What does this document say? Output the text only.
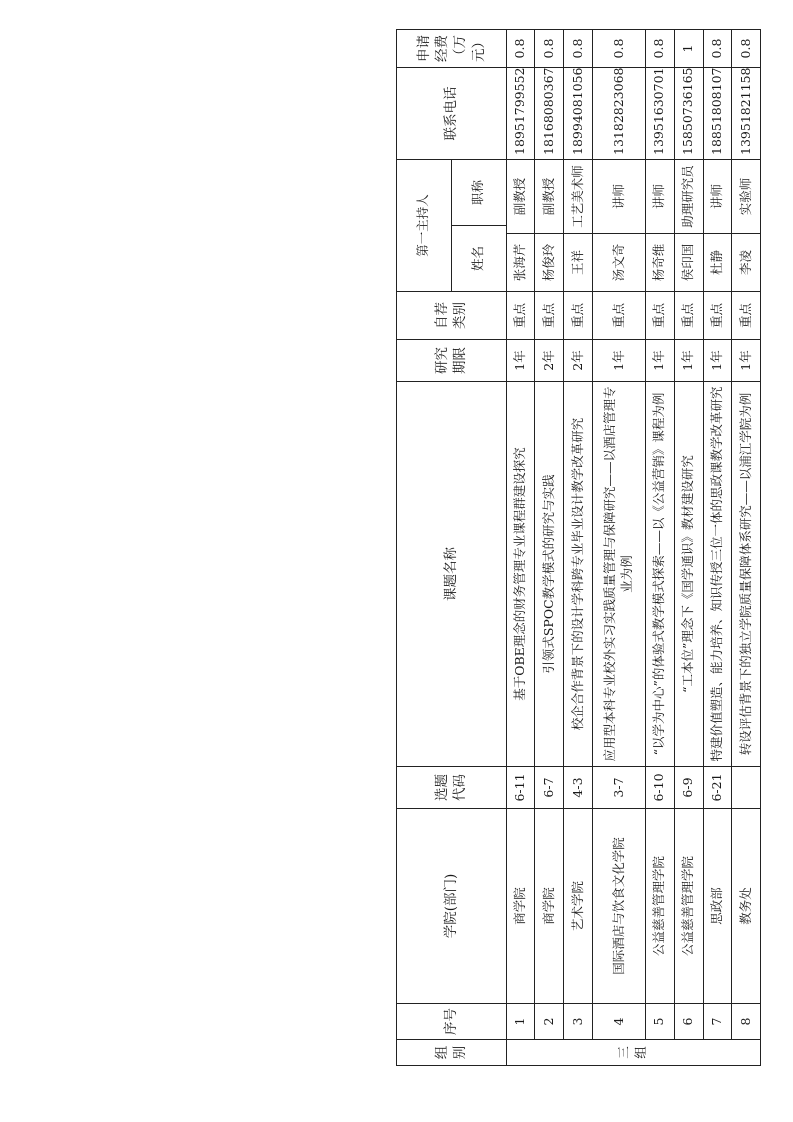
组别	序号	学院(部门)	选题代码	课题名称	研究期限	自荐类别	
第一主持人
姓名	职称
	联系电话	申请经费（万元）
三组	1	商学院	6-11	基于OBE理念的财务管理专业课程群建设探究	1年	重点	张海芹	副教授	18951799552	0.8
2	商学院	6-7	引领式SPOC教学模式的研究与实践	2年	重点	杨俊玲	副教授	18168080367	0.8
3	艺术学院	4-3	校企合作背景下的设计学科跨专业毕业设计教学改革研究	2年	重点	王祥	工艺美术师	18994081056	0.8
4	国际酒店与饮食文化学院	3-7	应用型本科专业校外实习实践质量管理与保障研究——以酒店管理专业为例	1年	重点	汤文奇	讲师	13182823068	0.8
5	公益慈善管理学院	6-10	“以学为中心”的体验式教学模式探索——以《公益营销》课程为例	1年	重点	杨奇维	讲师	13951630701	0.8
6	公益慈善管理学院	6-9	“工本位”理念下《国学通识》教材建设研究	1年	重点	侯印国	助理研究员	15850736165	1
7	思政部	6-21	特建价值塑造、能力培养、知识传授三位一体的思政课教学改革研究	1年	重点	杜静	讲师	18851808107	0.8
8	教务处		转设评估背景下的独立学院质量保障体系研究——以浦江学院为例	1年	重点	李凌	实验师	13951821158	0.8
